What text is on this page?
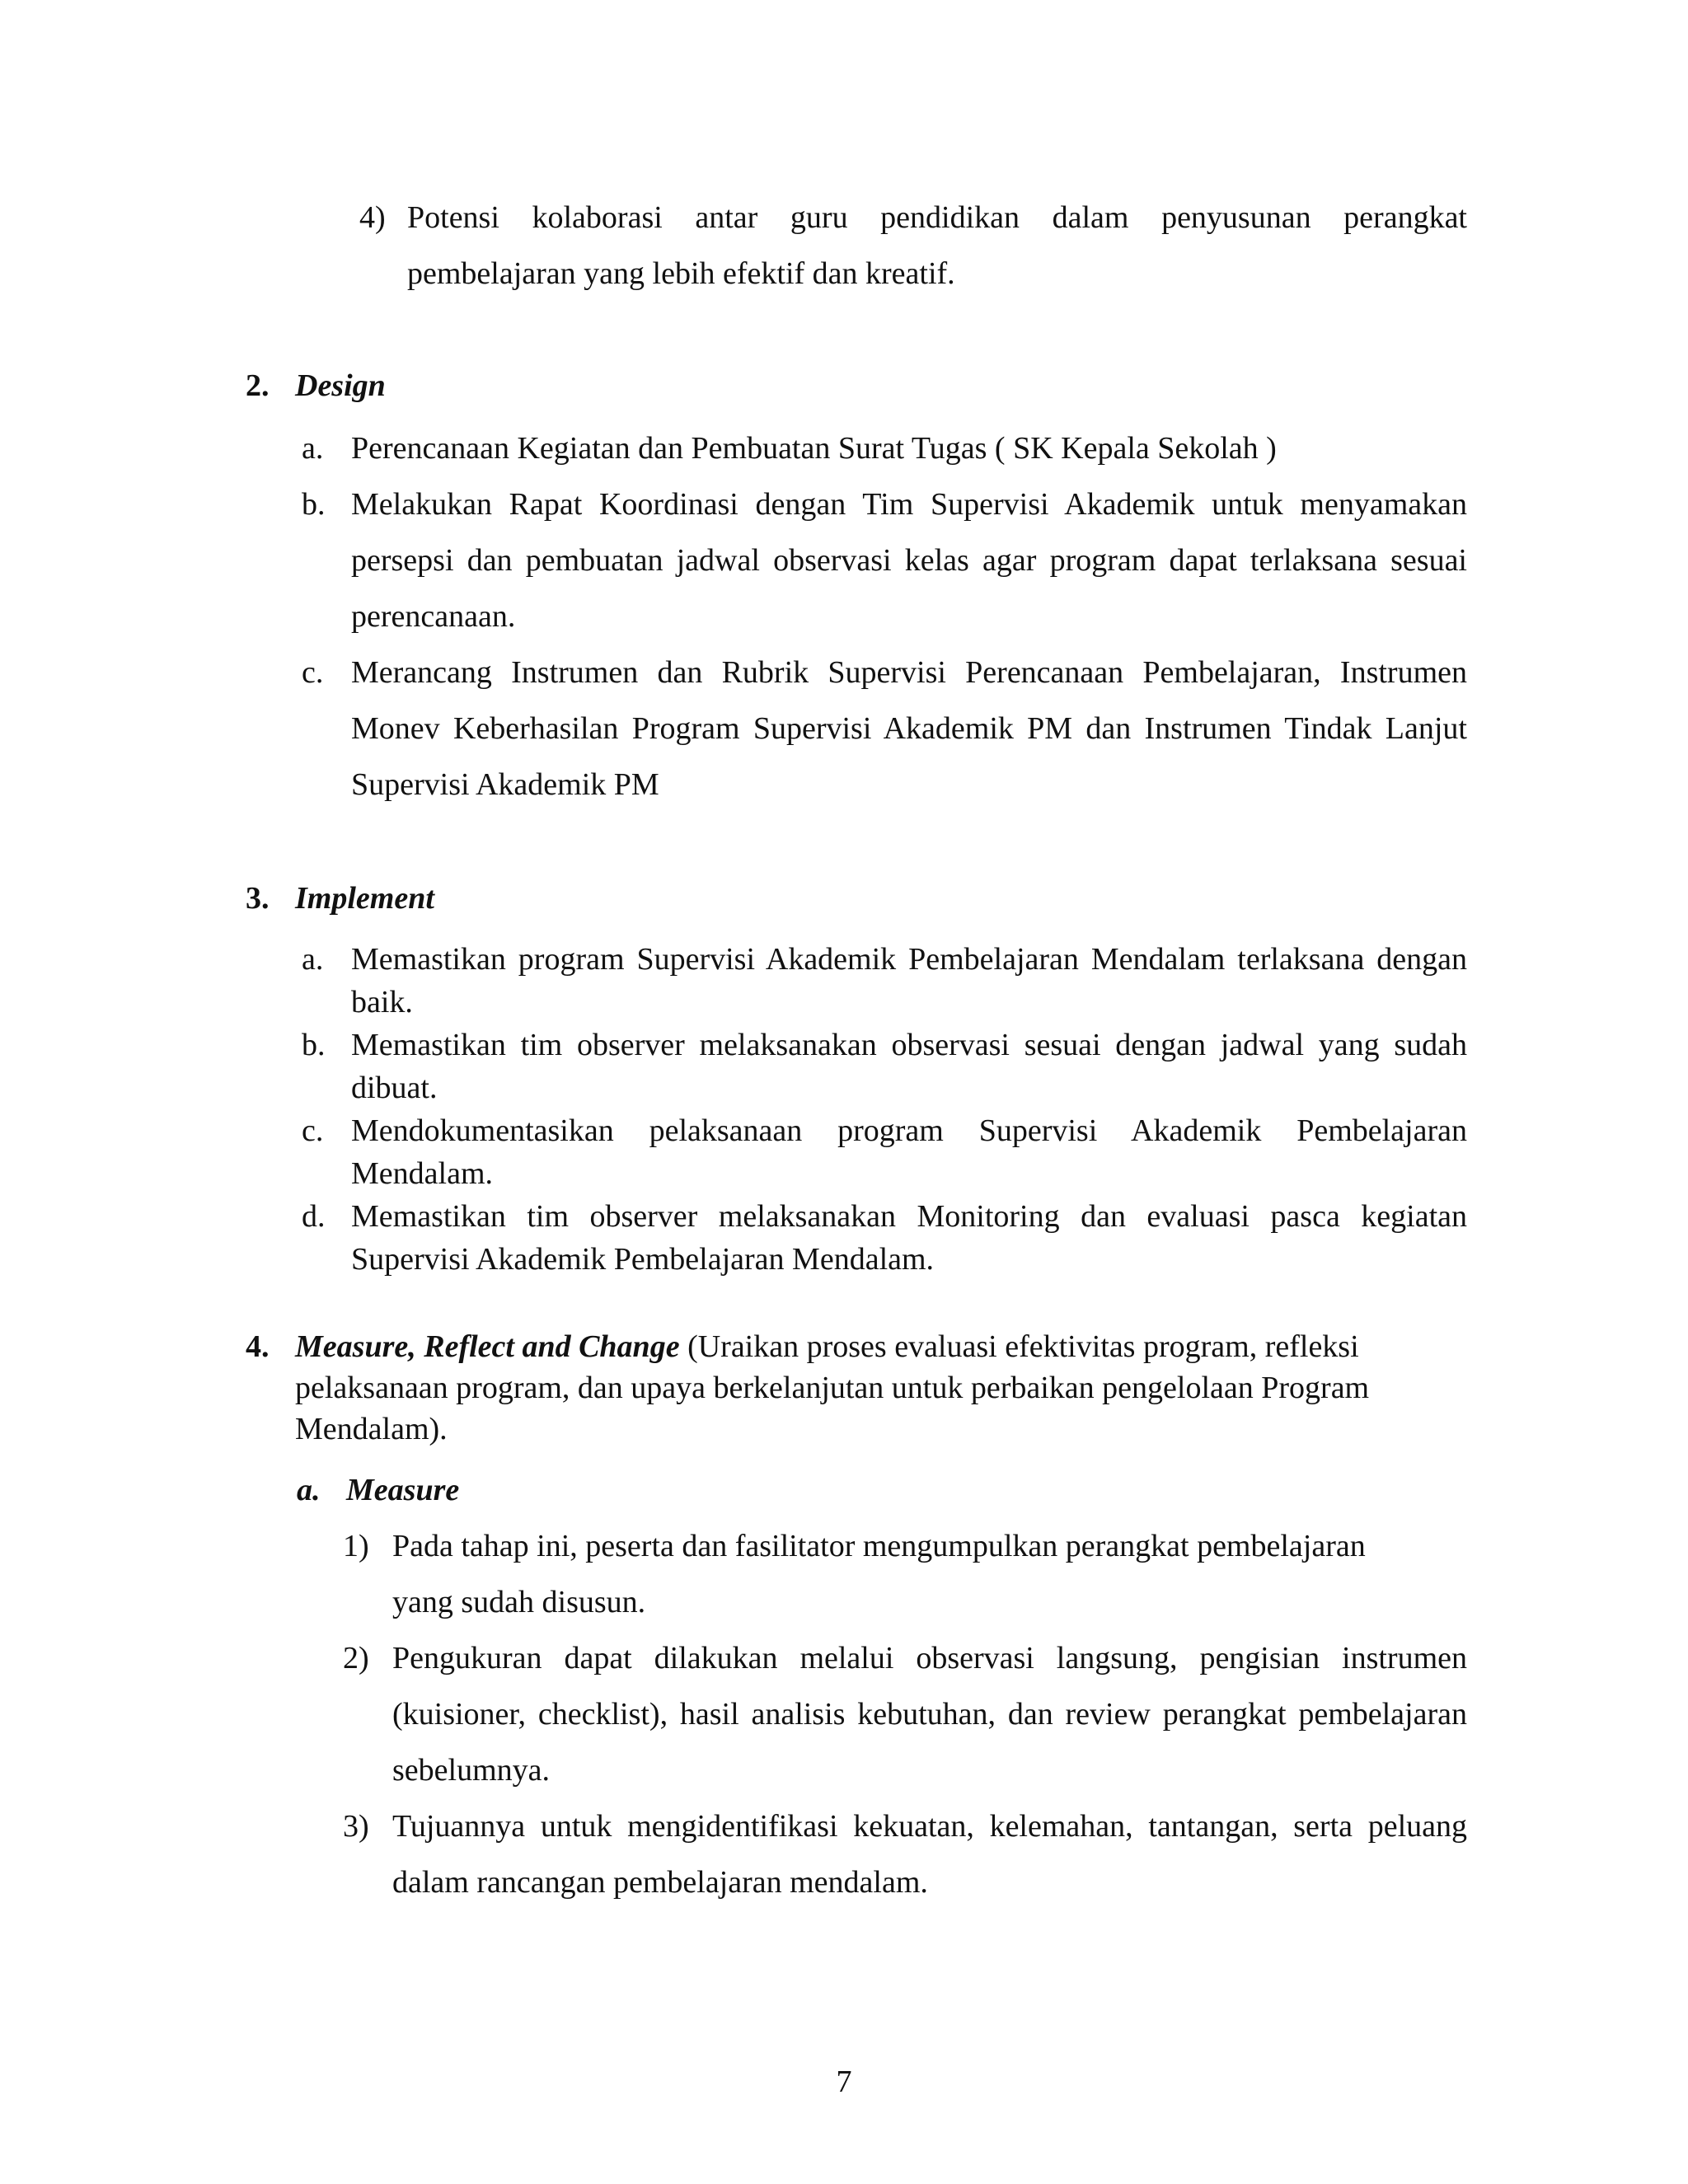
4) Potensi kolaborasi antar guru pendidikan dalam penyusunan perangkat
pembelajaran yang lebih efektif dan kreatif.
2. Design
a. Perencanaan Kegiatan dan Pembuatan Surat Tugas ( SK Kepala Sekolah )
b. Melakukan Rapat Koordinasi dengan Tim Supervisi Akademik untuk menyamakan
persepsi dan pembuatan jadwal observasi kelas agar program dapat terlaksana sesuai
perencanaan.
c. Merancang Instrumen dan Rubrik Supervisi Perencanaan Pembelajaran, Instrumen
Monev Keberhasilan Program Supervisi Akademik PM dan Instrumen Tindak Lanjut
Supervisi Akademik PM
3. Implement
a. Memastikan program Supervisi Akademik Pembelajaran Mendalam terlaksana dengan
baik.
b. Memastikan tim observer melaksanakan observasi sesuai dengan jadwal yang sudah
dibuat.
c. Mendokumentasikan pelaksanaan program Supervisi Akademik Pembelajaran
Mendalam.
d. Memastikan tim observer melaksanakan Monitoring dan evaluasi pasca kegiatan
Supervisi Akademik Pembelajaran Mendalam.
4. Measure, Reflect and Change (Uraikan proses evaluasi efektivitas program, refleksi
pelaksanaan program, dan upaya berkelanjutan untuk perbaikan pengelolaan Program
Mendalam).
a. Measure
1) Pada tahap ini, peserta dan fasilitator mengumpulkan perangkat pembelajaran
yang sudah disusun.
2) Pengukuran dapat dilakukan melalui observasi langsung, pengisian instrumen
(kuisioner, checklist), hasil analisis kebutuhan, dan review perangkat pembelajaran
sebelumnya.
3) Tujuannya untuk mengidentifikasi kekuatan, kelemahan, tantangan, serta peluang
dalam rancangan pembelajaran mendalam.
7
